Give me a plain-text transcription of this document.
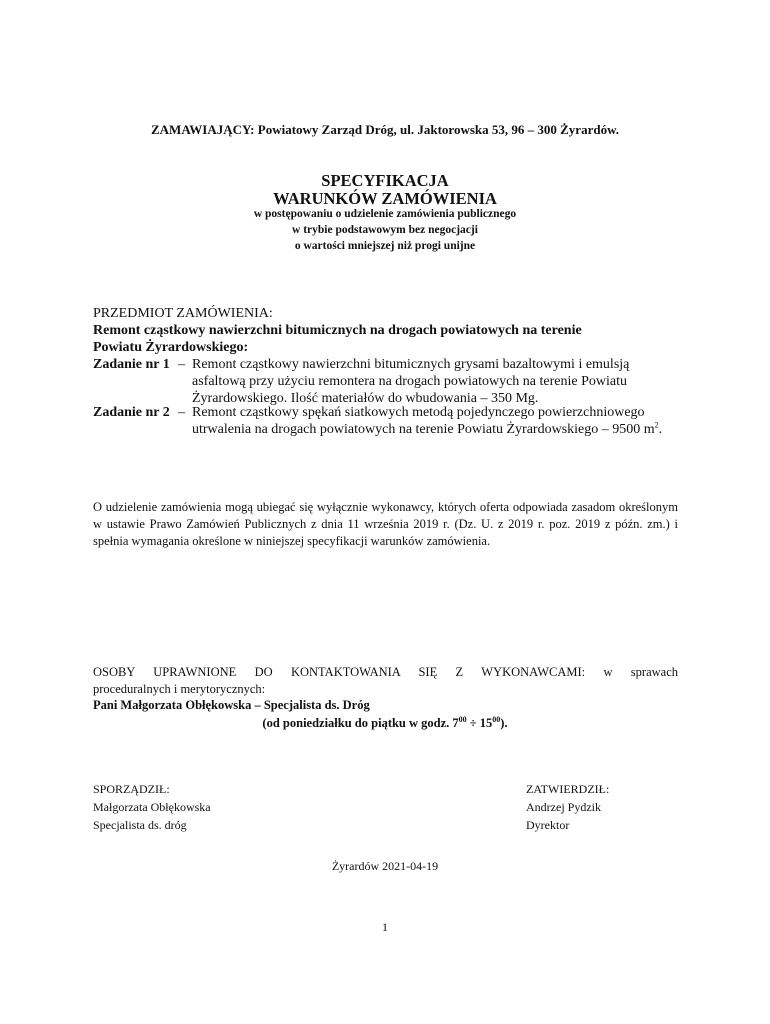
ZAMAWIAJĄCY: Powiatowy Zarząd Dróg, ul. Jaktorowska 53, 96 – 300 Żyrardów.
SPECYFIKACJA
WARUNKÓW ZAMÓWIENIA
w postępowaniu o udzielenie zamówienia publicznego
w trybie podstawowym bez negocjacji
o wartości mniejszej niż progi unijne
PRZEDMIOT ZAMÓWIENIA:
Remont cząstkowy nawierzchni bitumicznych na drogach powiatowych na terenie
Powiatu Żyrardowskiego:
Zadanie nr 1 – Remont cząstkowy nawierzchni bitumicznych grysami bazaltowymi i emulsją asfaltową przy użyciu remontera na drogach powiatowych na terenie Powiatu Żyrardowskiego. Ilość materiałów do wbudowania – 350 Mg.
Zadanie nr 2 – Remont cząstkowy spękań siatkowych metodą pojedynczego powierzchniowego utrwalenia na drogach powiatowych na terenie Powiatu Żyrardowskiego – 9500 $m^2$.
O udzielenie zamówienia mogą ubiegać się wyłącznie wykonawcy, których oferta odpowiada zasadom określonym w ustawie Prawo Zamówień Publicznych z dnia 11 września 2019 r. (Dz. U. z 2019 r. poz. 2019 z późn. zm.) i spełnia wymagania określone w niniejszej specyfikacji warunków zamówienia.
OSOBY UPRAWNIONE DO KONTAKTOWANIA SIĘ Z WYKONAWCAMI: w sprawach
proceduralnych i merytorycznych:
Pani Małgorzata Obłękowska – Specjalista ds. Dróg
(od poniedziałku do piątku w godz. $7^{00} \div 15^{00}$).
SPORZĄDZIŁ:
Małgorzata Obłękowska
Specjalista ds. dróg
ZATWIERDZIŁ:
Andrzej Pydzik
Dyrektor
Żyrardów 2021-04-19
1
